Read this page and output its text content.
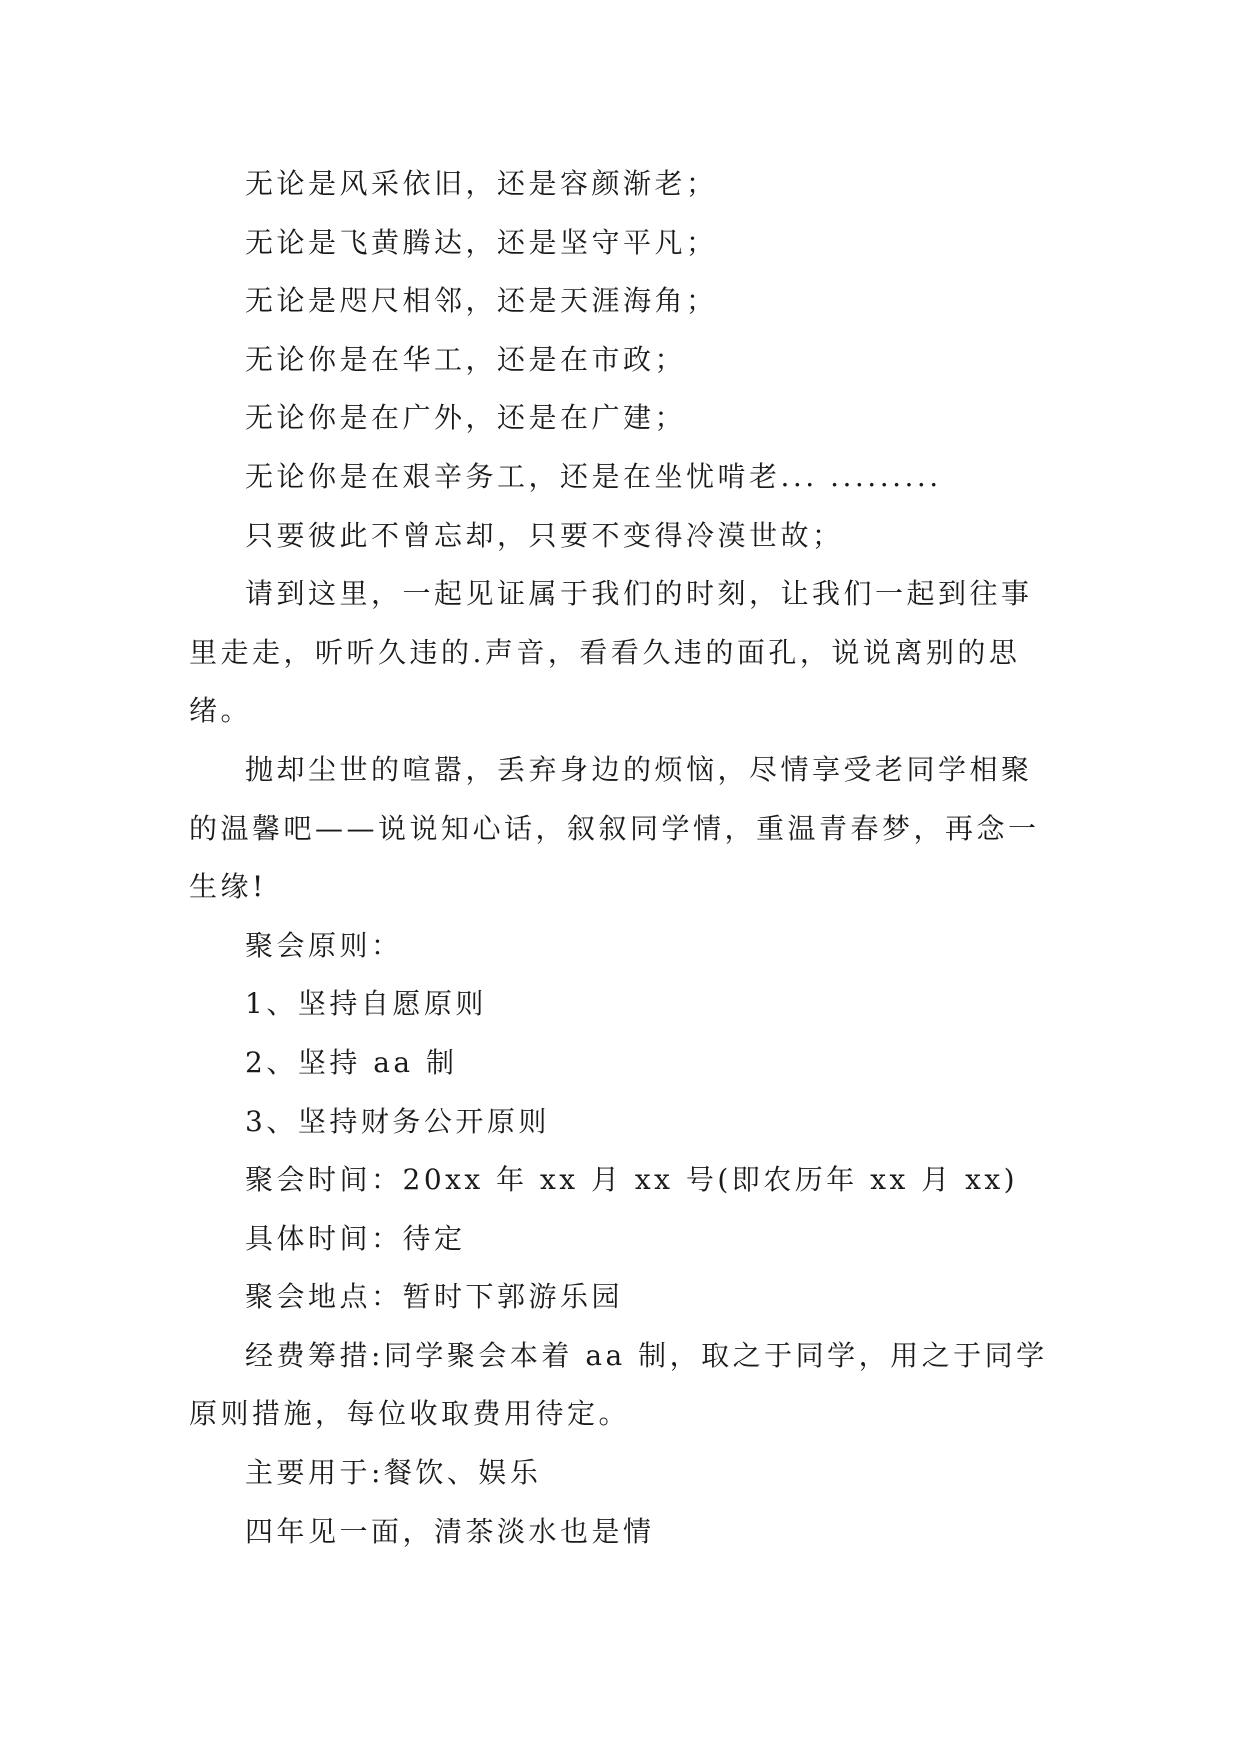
无论是风采依旧，还是容颜渐老；

无论是飞黄腾达，还是坚守平凡；

无论是咫尺相邻，还是天涯海角；

无论你是在华工，还是在市政；

无论你是在广外，还是在广建；

无论你是在艰辛务工，还是在坐忧啃老... .........

只要彼此不曾忘却，只要不变得冷漠世故；

请到这里，一起见证属于我们的时刻，让我们一起到往事里走走，听听久违的.声音，看看久违的面孔，说说离别的思绪。

抛却尘世的喧嚣，丢弃身边的烦恼，尽情享受老同学相聚的温馨吧——说说知心话，叙叙同学情，重温青春梦，再念一生缘!

聚会原则：

1、坚持自愿原则

2、坚持 aa 制

3、坚持财务公开原则

聚会时间：20xx 年 xx 月 xx 号(即农历年 xx 月 xx)

具体时间：待定

聚会地点：暂时下郭游乐园

经费筹措:同学聚会本着 aa 制，取之于同学，用之于同学原则措施，每位收取费用待定。

主要用于:餐饮、娱乐

四年见一面，清茶淡水也是情
